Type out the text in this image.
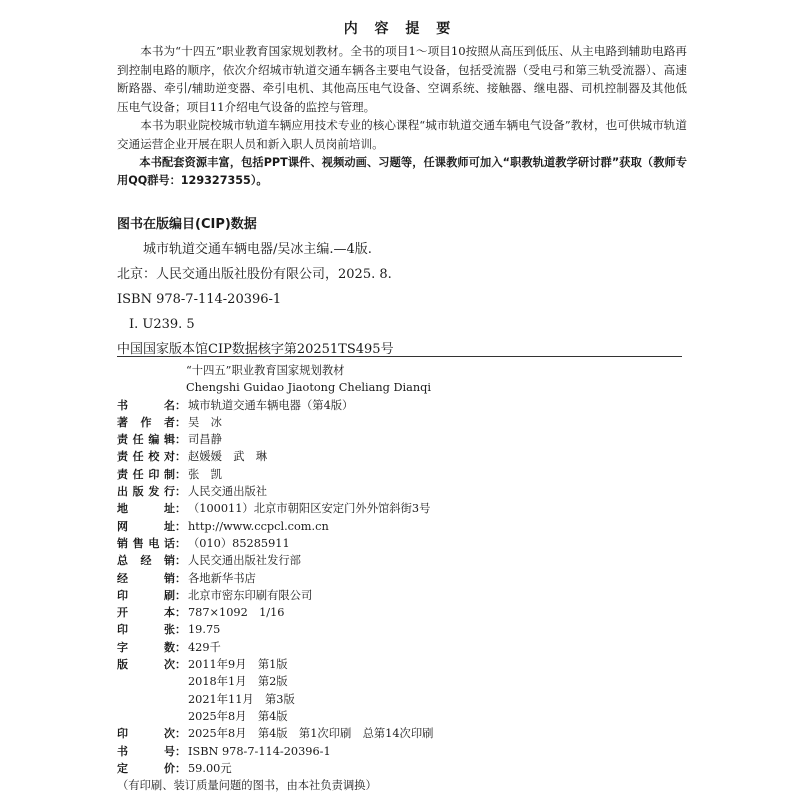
内 容 提 要

本书为“十四五”职业教育国家规划教材。全书的项目1～项目10按照从高压到低压、从主电路到辅助电路再到控制电路的顺序，依次介绍城市轨道交通车辆各主要电气设备，包括受流器（受电弓和第三轨受流器）、高速断路器、牵引/辅助逆变器、牵引电机、其他高压电气设备、空调系统、接触器、继电器、司机控制器及其他低压电气设备；项目11介绍电气设备的监控与管理。

本书为职业院校城市轨道车辆应用技术专业的核心课程“城市轨道交通车辆电气设备”教材，也可供城市轨道交通运营企业开展在职人员和新入职人员岗前培训。

本书配套资源丰富，包括PPT课件、视频动画、习题等，任课教师可加入“职教轨道教学研讨群”获取（教师专用QQ群号：129327355）。

图书在版编目(CIP)数据
城市轨道交通车辆电器/吴冰主编.—4版.
北京：人民交通出版社股份有限公司，2025. 8.
ISBN 978-7-114-20396-1
Ⅰ. U239. 5
中国国家版本馆CIP数据核字第20251TS495号
“十四五”职业教育国家规划教材
Chengshi Guidao Jiaotong Cheliang Dianqi
书	名： 城市轨道交通车辆电器（第4版）
著 作 者： 吴　冰
责 任 编 辑： 司昌静
责 任 校 对： 赵媛媛　武　琳
责 任 印 制： 张　凯
出 版 发 行： 人民交通出版社
地	址： （100011）北京市朝阳区安定门外外馆斜街3号
网	址： http://www.ccpcl.com.cn
销 售 电 话： （010）85285911
总 经 销： 人民交通出版社发行部
经	销： 各地新华书店
印	刷： 北京市密东印刷有限公司
开	本： 787×1092　1/16
印	张： 19.75
字	数： 429千
版	次： 2011年9月　第1版
2018年1月　第2版
2021年11月　第3版
2025年8月　第4版
印	次： 2025年8月　第4版　第1次印刷　总第14次印刷
书	号： ISBN 978-7-114-20396-1
定	价： 59.00元
（有印刷、装订质量问题的图书，由本社负责调换）
